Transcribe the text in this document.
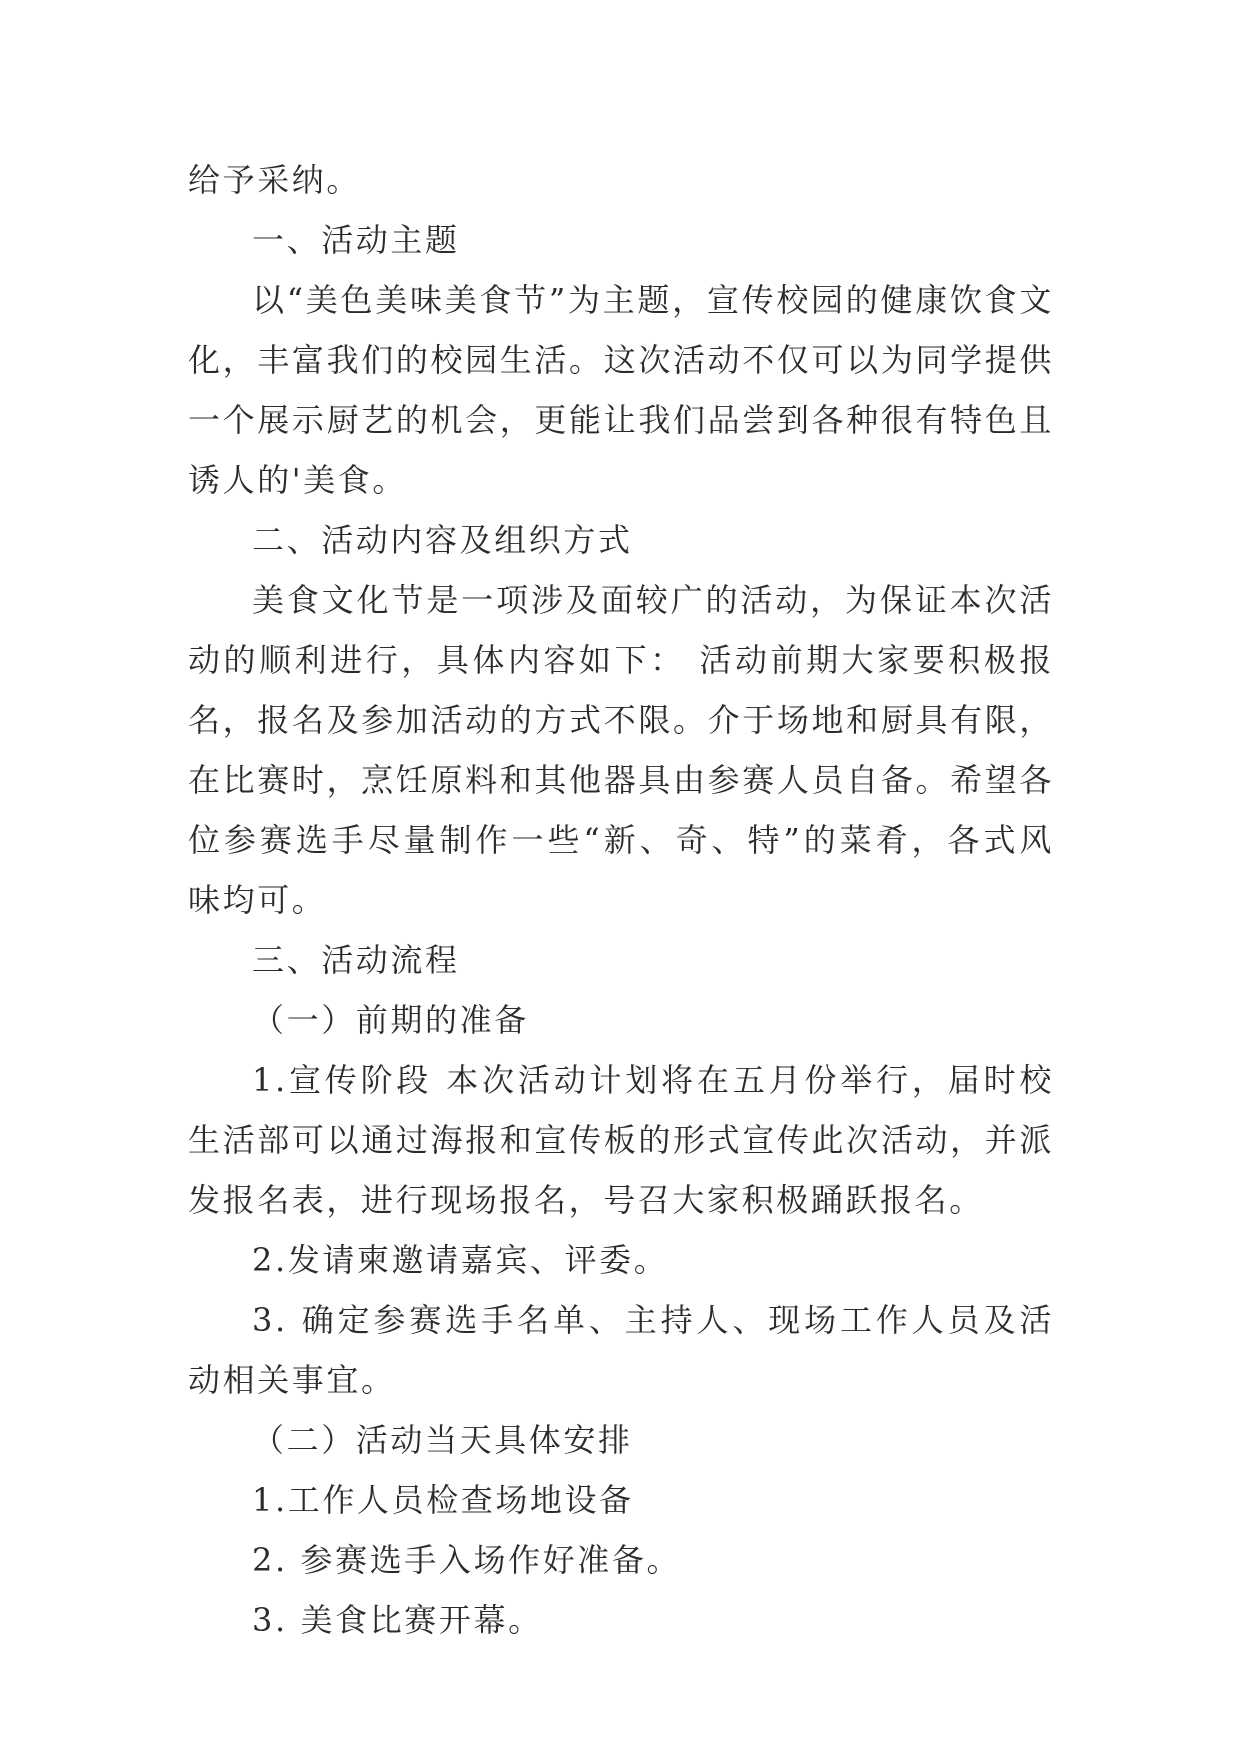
给予采纳。

一、活动主题

以“美色美味美食节”为主题，宣传校园的健康饮食文化，丰富我们的校园生活。这次活动不仅可以为同学提供一个展示厨艺的机会，更能让我们品尝到各种很有特色且诱人的'美食。

二、活动内容及组织方式

美食文化节是一项涉及面较广的活动，为保证本次活动的顺利进行，具体内容如下： 活动前期大家要积极报名，报名及参加活动的方式不限。介于场地和厨具有限，在比赛时，烹饪原料和其他器具由参赛人员自备。希望各位参赛选手尽量制作一些“新、奇、特”的菜肴，各式风味均可。

三、活动流程

（一）前期的准备

1.宣传阶段 本次活动计划将在五月份举行，届时校生活部可以通过海报和宣传板的形式宣传此次活动，并派发报名表，进行现场报名，号召大家积极踊跃报名。

2.发请柬邀请嘉宾、评委。

3. 确定参赛选手名单、主持人、现场工作人员及活动相关事宜。

（二）活动当天具体安排

1.工作人员检查场地设备

2. 参赛选手入场作好准备。

3. 美食比赛开幕。
